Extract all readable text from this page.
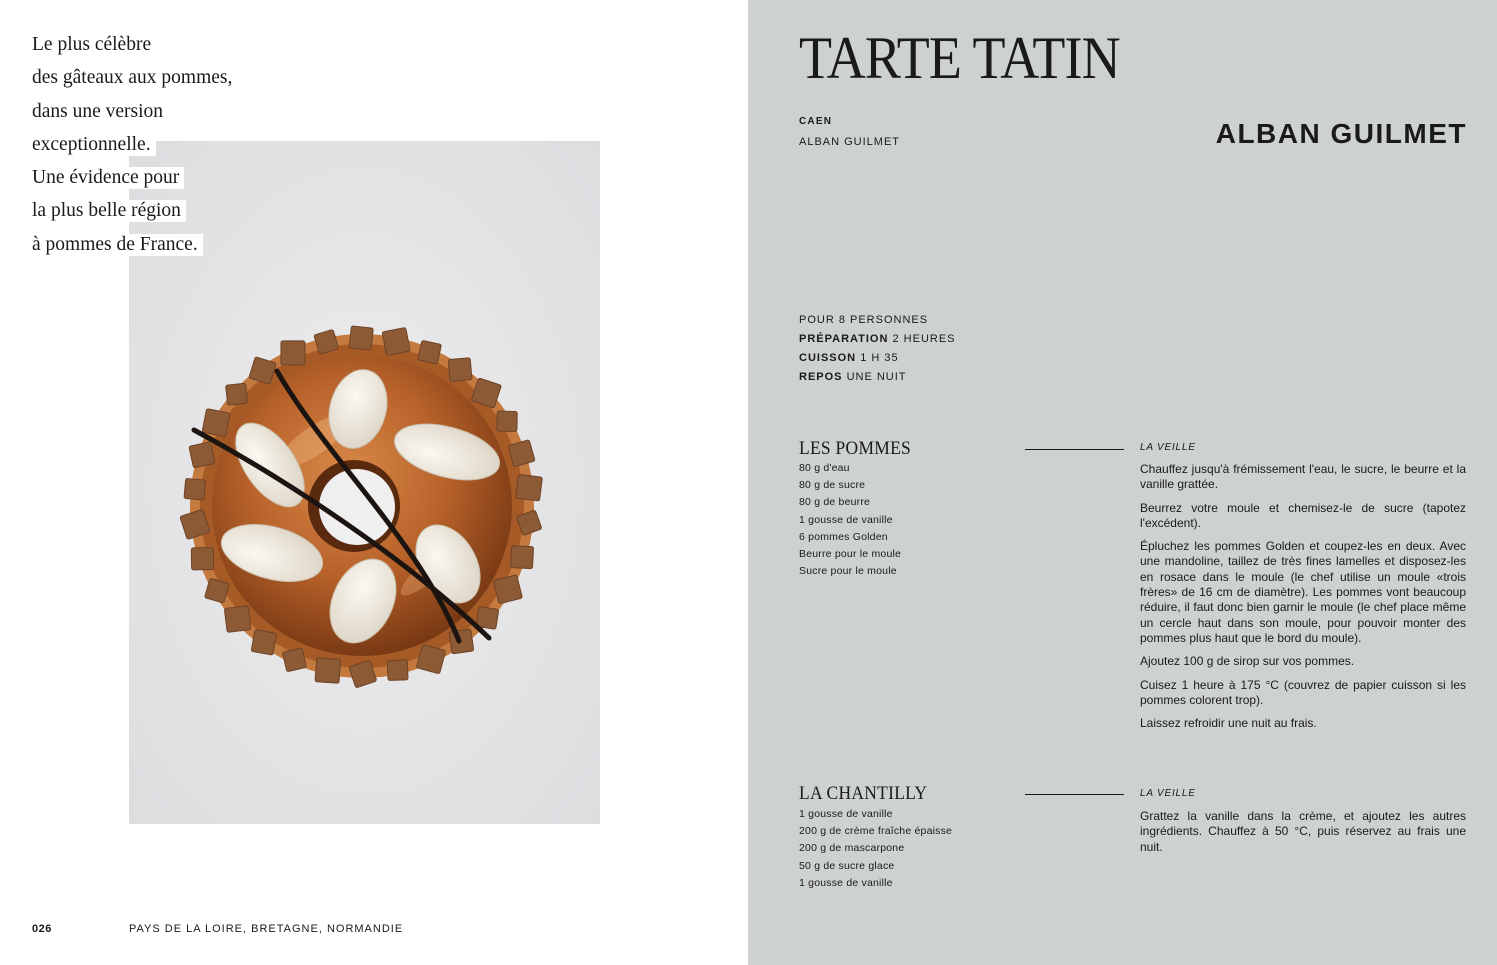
Le plus célèbre
des gâteaux aux pommes,
dans une version
exceptionnelle.
Une évidence pour
la plus belle région
à pommes de France.
026	PAYS DE LA LOIRE, BRETAGNE, NORMANDIE
TARTE TATIN
CAEN
ALBAN GUILMET	ALBAN GUILMET
POUR 8 PERSONNES
PRÉPARATION 2 HEURES
CUISSON 1 H 35
REPOS UNE NUIT
LES POMMES
80 g d'eau
80 g de sucre
80 g de beurre
1 gousse de vanille
6 pommes Golden
Beurre pour le moule
Sucre pour le moule
LA VEILLE

Chauffez jusqu'à frémissement l'eau, le sucre, le beurre et la vanille grattée.

Beurrez votre moule et chemisez-le de sucre (tapotez l'excédent).

Épluchez les pommes Golden et coupez-les en deux. Avec une mandoline, taillez de très fines lamelles et disposez-les en rosace dans le moule (le chef utilise un moule «trois frères» de 16 cm de diamètre). Les pommes vont beaucoup réduire, il faut donc bien garnir le moule (le chef place même un cercle haut dans son moule, pour pouvoir monter des pommes plus haut que le bord du moule).

Ajoutez 100 g de sirop sur vos pommes.

Cuisez 1 heure à 175 °C (couvrez de papier cuisson si les pommes colorent trop).

Laissez refroidir une nuit au frais.

LA CHANTILLY
1 gousse de vanille
200 g de crème fraîche épaisse
200 g de mascarpone
50 g de sucre glace
1 gousse de vanille
LA VEILLE

Grattez la vanille dans la crème, et ajoutez les autres ingrédients. Chauffez à 50 °C, puis réservez au frais une nuit.
